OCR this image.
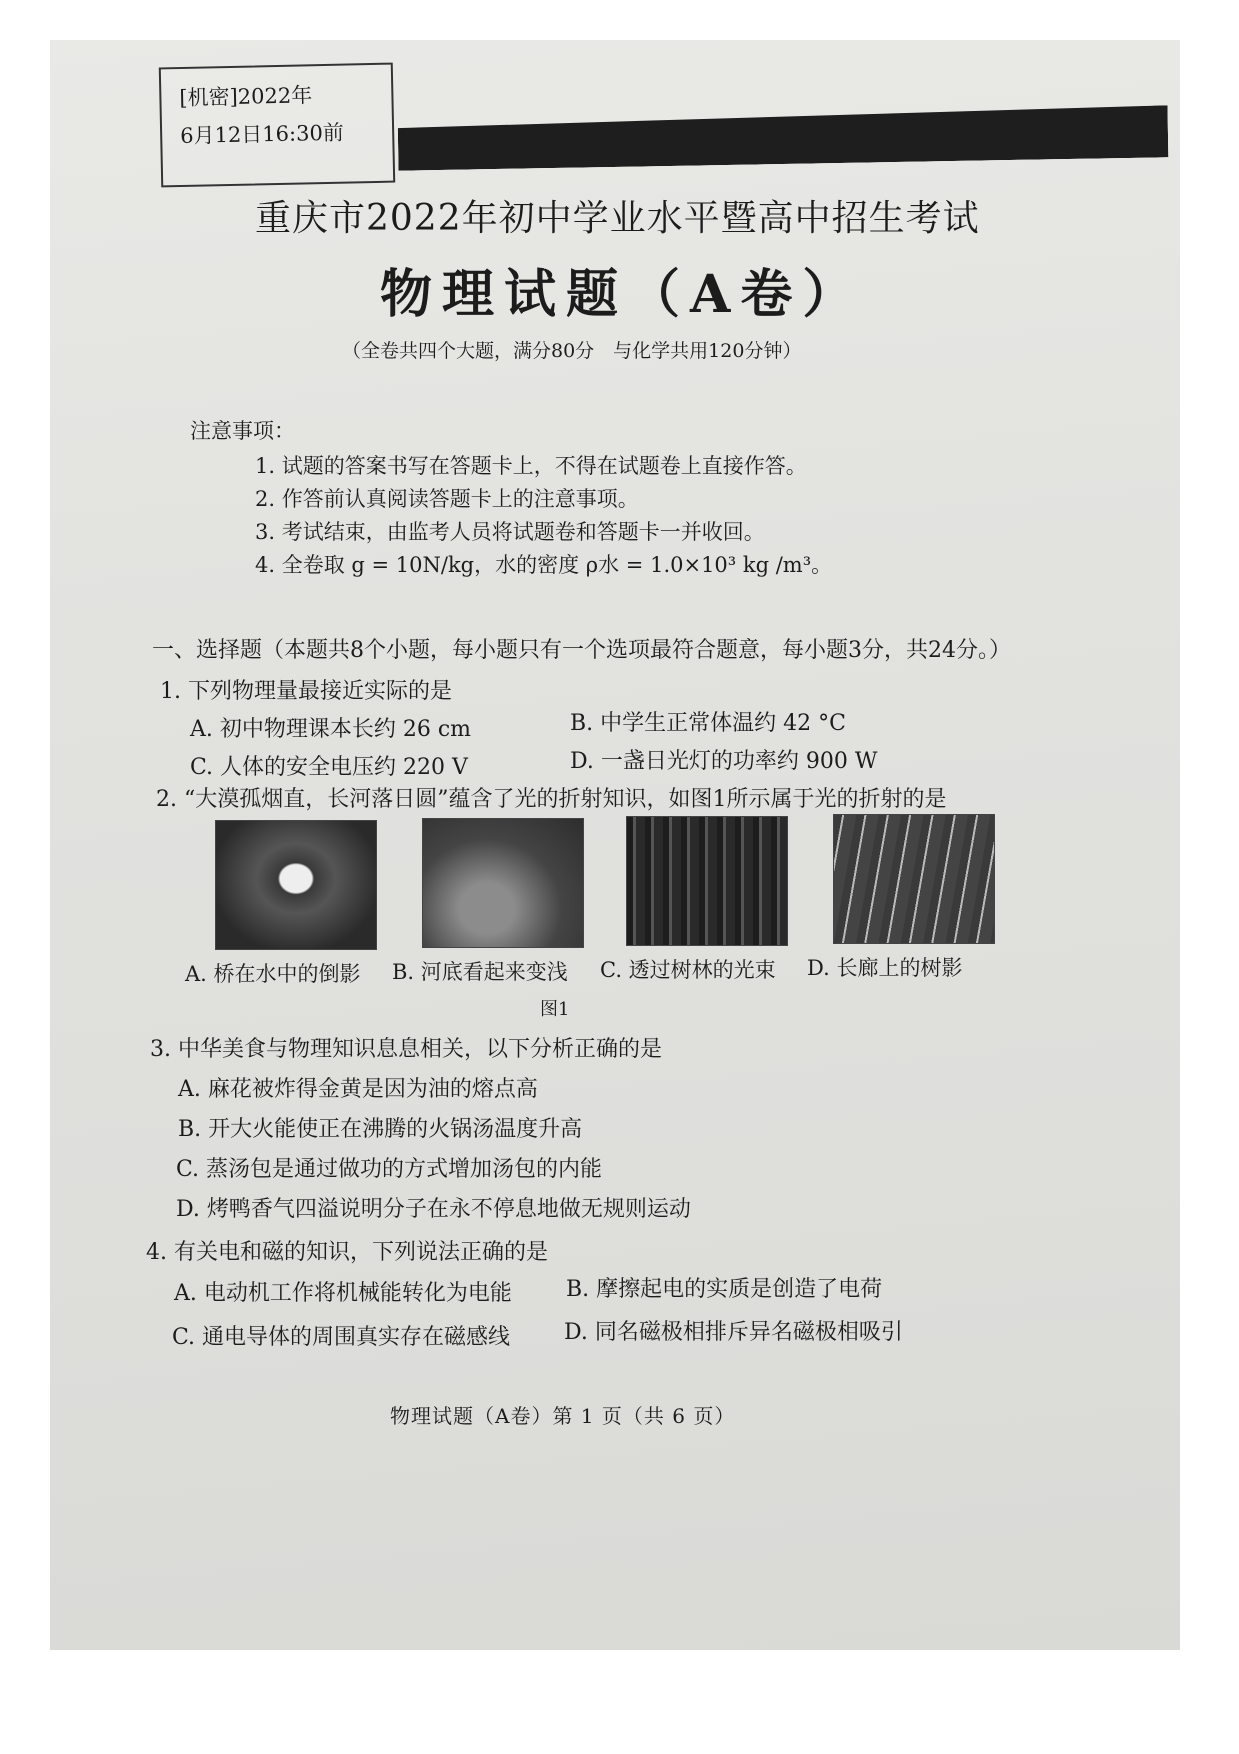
[机密]2022年
6月12日16:30前
重庆市2022年初中学业水平暨高中招生考试
物理试题（A卷）
（全卷共四个大题，满分80分　与化学共用120分钟）
注意事项：
1. 试题的答案书写在答题卡上，不得在试题卷上直接作答。
2. 作答前认真阅读答题卡上的注意事项。
3. 考试结束，由监考人员将试题卷和答题卡一并收回。
4. 全卷取 g = 10N/kg，水的密度 ρ水 = 1.0×10³ kg /m³。
一、选择题（本题共8个小题，每小题只有一个选项最符合题意，每小题3分，共24分。）
1. 下列物理量最接近实际的是
A. 初中物理课本长约 26 cm	B. 中学生正常体温约 42 °C
C. 人体的安全电压约 220 V	D. 一盏日光灯的功率约 900 W
2. “大漠孤烟直，长河落日圆”蕴含了光的折射知识，如图1所示属于光的折射的是
A. 桥在水中的倒影 B. 河底看起来变浅 C. 透过树林的光束 D. 长廊上的树影
图1
3. 中华美食与物理知识息息相关，以下分析正确的是
A. 麻花被炸得金黄是因为油的熔点高
B. 开大火能使正在沸腾的火锅汤温度升高
C. 蒸汤包是通过做功的方式增加汤包的内能
D. 烤鸭香气四溢说明分子在永不停息地做无规则运动
4. 有关电和磁的知识，下列说法正确的是
A. 电动机工作将机械能转化为电能 B. 摩擦起电的实质是创造了电荷
C. 通电导体的周围真实存在磁感线 D. 同名磁极相排斥异名磁极相吸引
物理试题（A卷）第 1 页（共 6 页）
